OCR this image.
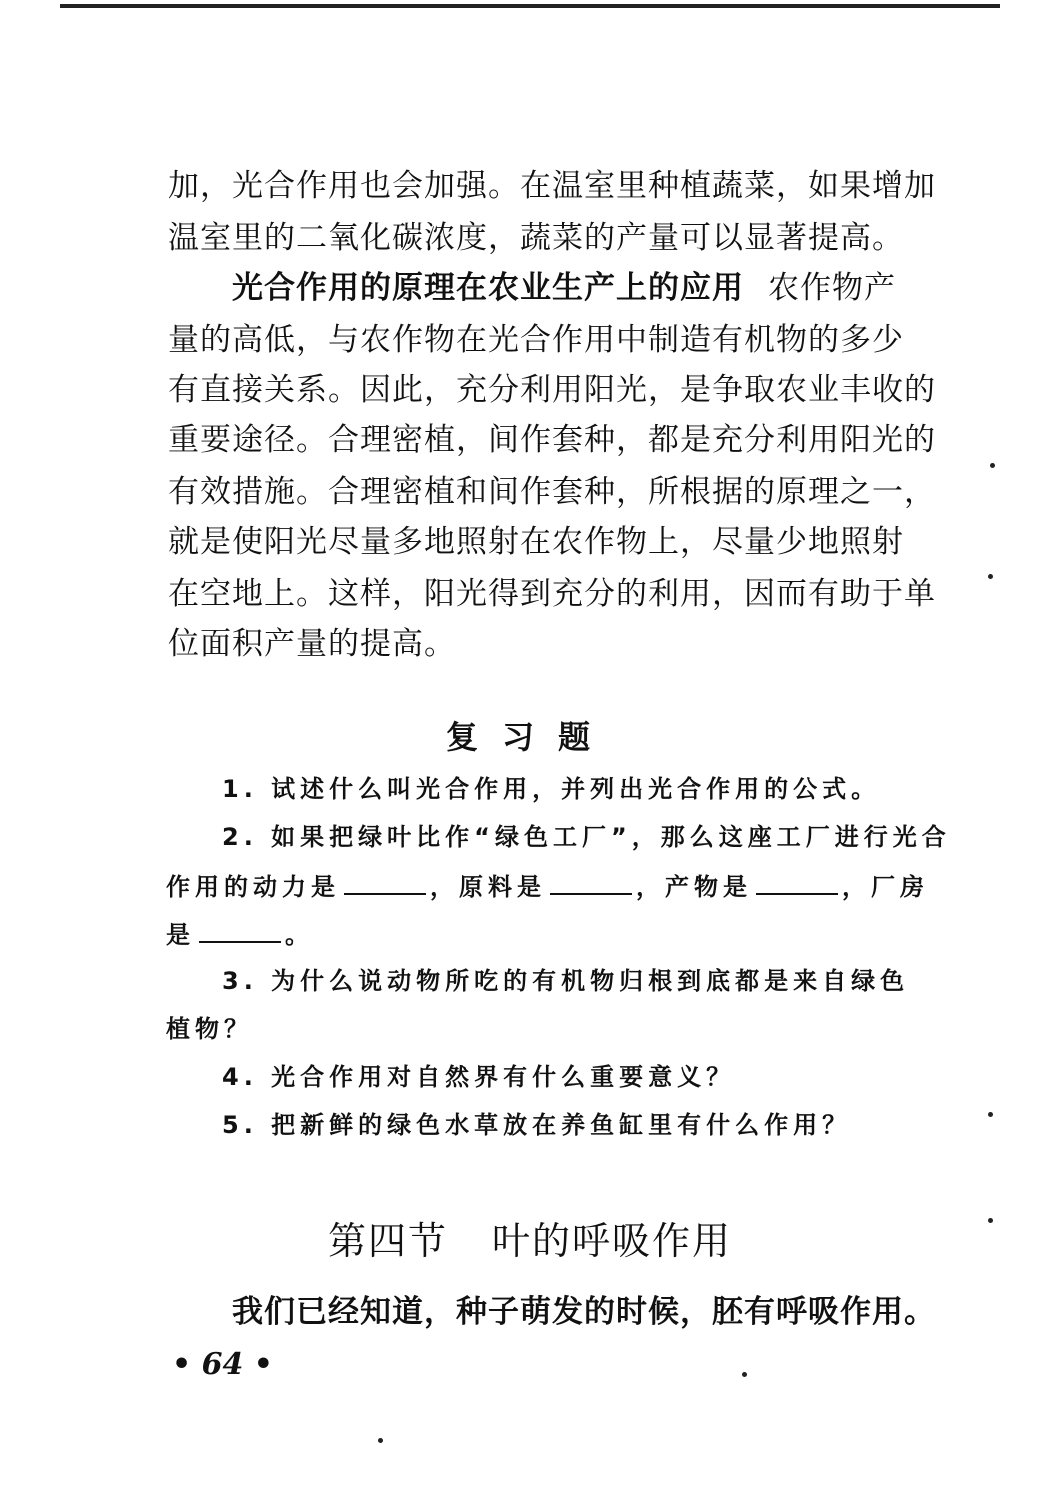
加，光合作用也会加强。在温室里种植蔬菜，如果增加
温室里的二氧化碳浓度，蔬菜的产量可以显著提高。
光合作用的原理在农业生产上的应用 农作物产
量的高低，与农作物在光合作用中制造有机物的多少
有直接关系。因此，充分利用阳光，是争取农业丰收的
重要途径。合理密植，间作套种，都是充分利用阳光的
有效措施。合理密植和间作套种，所根据的原理之一，
就是使阳光尽量多地照射在农作物上，尽量少地照射
在空地上。这样，阳光得到充分的利用，因而有助于单
位面积产量的提高。
复习题
1. 试述什么叫光合作用，并列出光合作用的公式。
2. 如果把绿叶比作“绿色工厂”，那么这座工厂进行光合
作用的动力是	，原料是	，产物是	，厂房
是	。
3. 为什么说动物所吃的有机物归根到底都是来自绿色
植物？
4. 光合作用对自然界有什么重要意义？
5. 把新鲜的绿色水草放在养鱼缸里有什么作用？
第四节 叶的呼吸作用
我们已经知道，种子萌发的时候，胚有呼吸作用。
• 64 •
